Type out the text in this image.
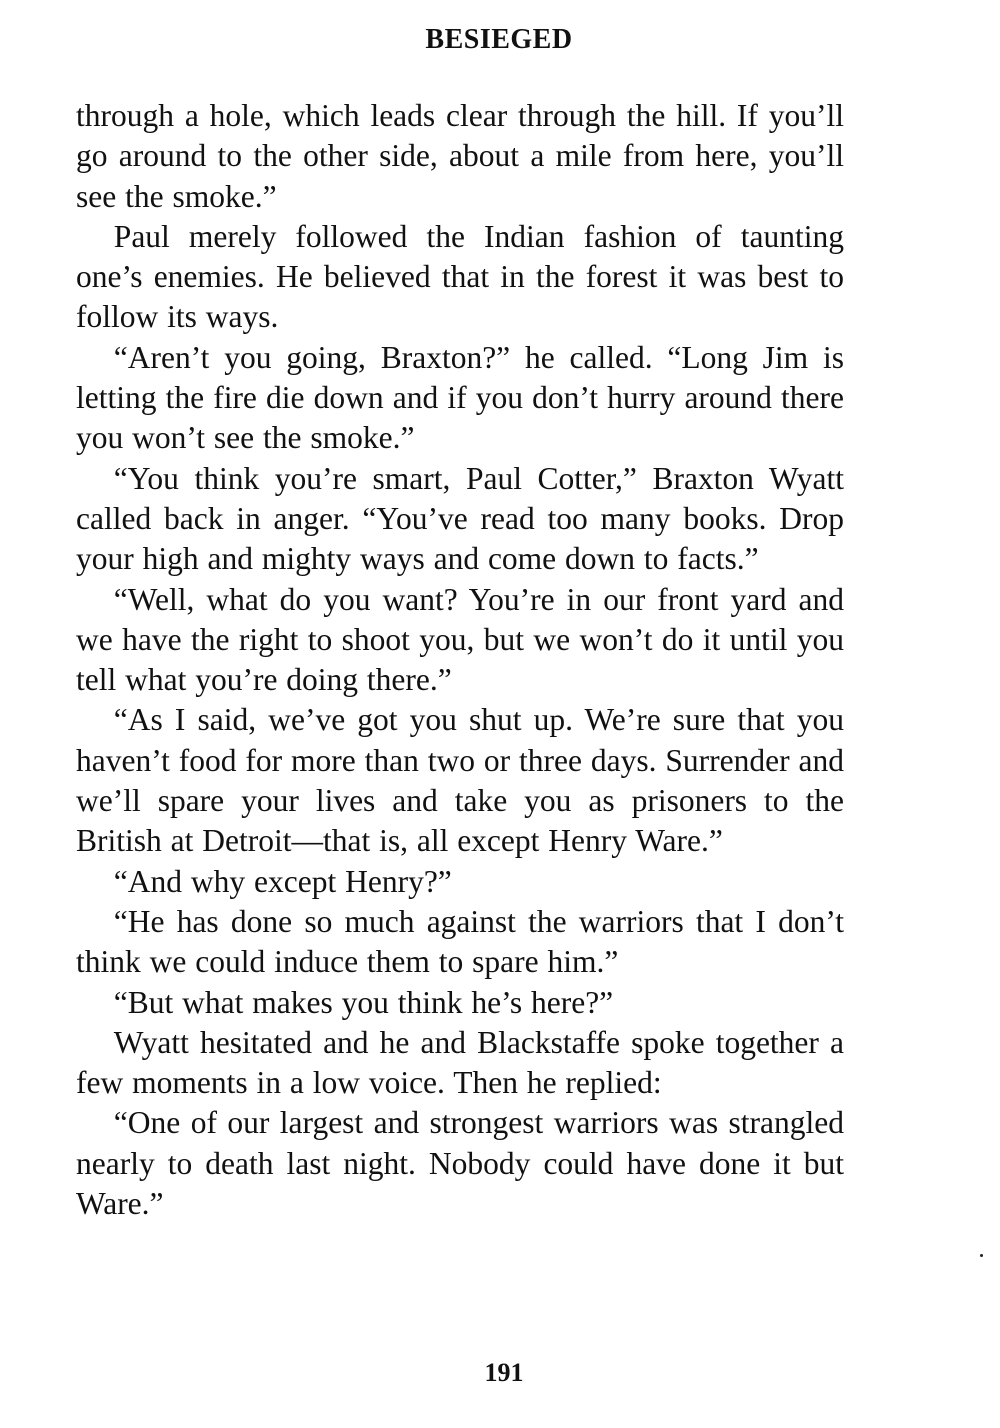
BESIEGED

through a hole, which leads clear through the hill. If you’ll go around to the other side, about a mile from here, you’ll see the smoke.”

Paul merely followed the Indian fashion of taunting one’s enemies. He believed that in the forest it was best to follow its ways.

“Aren’t you going, Braxton?” he called. “Long Jim is letting the fire die down and if you don’t hurry around there you won’t see the smoke.”

“You think you’re smart, Paul Cotter,” Braxton Wyatt called back in anger. “You’ve read too many books. Drop your high and mighty ways and come down to facts.”

“Well, what do you want? You’re in our front yard and we have the right to shoot you, but we won’t do it until you tell what you’re doing there.”

“As I said, we’ve got you shut up. We’re sure that you haven’t food for more than two or three days. Surrender and we’ll spare your lives and take you as prisoners to the British at Detroit—that is, all except Henry Ware.”

“And why except Henry?”

“He has done so much against the warriors that I don’t think we could induce them to spare him.”

“But what makes you think he’s here?”

Wyatt hesitated and he and Blackstaffe spoke together a few moments in a low voice. Then he replied:

“One of our largest and strongest warriors was strangled nearly to death last night. Nobody could have done it but Ware.”

191
